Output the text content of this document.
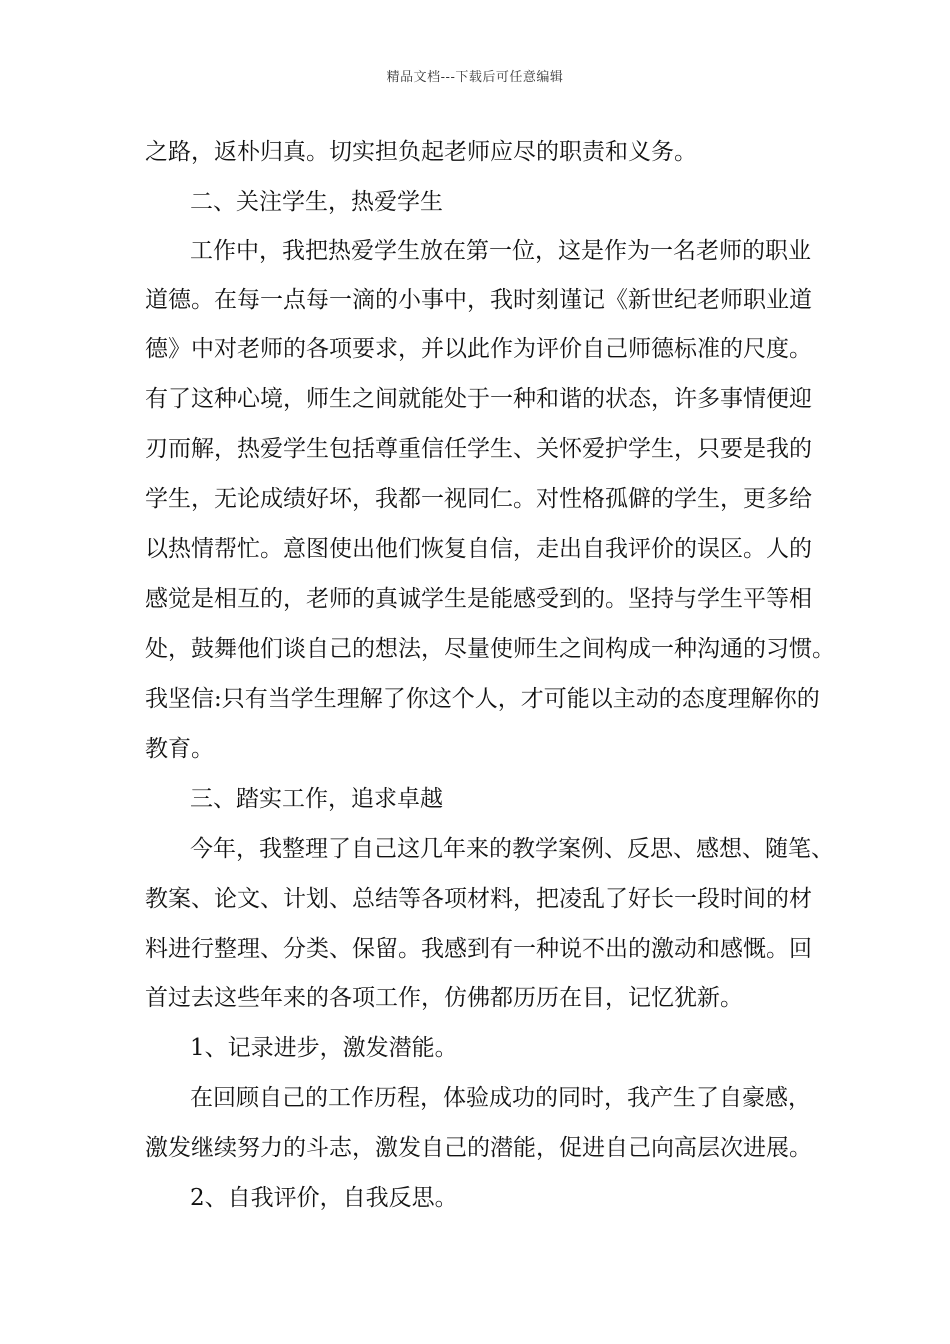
精品文档---下载后可任意编辑
之路，返朴归真。切实担负起老师应尽的职责和义务。
二、关注学生，热爱学生
工作中，我把热爱学生放在第一位，这是作为一名老师的职业
道德。在每一点每一滴的小事中，我时刻谨记《新世纪老师职业道
德》中对老师的各项要求，并以此作为评价自己师德标准的尺度。
有了这种心境，师生之间就能处于一种和谐的状态，许多事情便迎
刃而解，热爱学生包括尊重信任学生、关怀爱护学生，只要是我的
学生，无论成绩好坏，我都一视同仁。对性格孤僻的学生，更多给
以热情帮忙。意图使出他们恢复自信，走出自我评价的误区。人的
感觉是相互的，老师的真诚学生是能感受到的。坚持与学生平等相
处，鼓舞他们谈自己的想法，尽量使师生之间构成一种沟通的习惯。
我坚信:只有当学生理解了你这个人，才可能以主动的态度理解你的
教育。
三、踏实工作，追求卓越
今年，我整理了自己这几年来的教学案例、反思、感想、随笔、
教案、论文、计划、总结等各项材料，把凌乱了好长一段时间的材
料进行整理、分类、保留。我感到有一种说不出的激动和感慨。回
首过去这些年来的各项工作，仿佛都历历在目，记忆犹新。
1、记录进步，激发潜能。
在回顾自己的工作历程，体验成功的同时，我产生了自豪感，
激发继续努力的斗志，激发自己的潜能，促进自己向高层次进展。
2、自我评价，自我反思。
